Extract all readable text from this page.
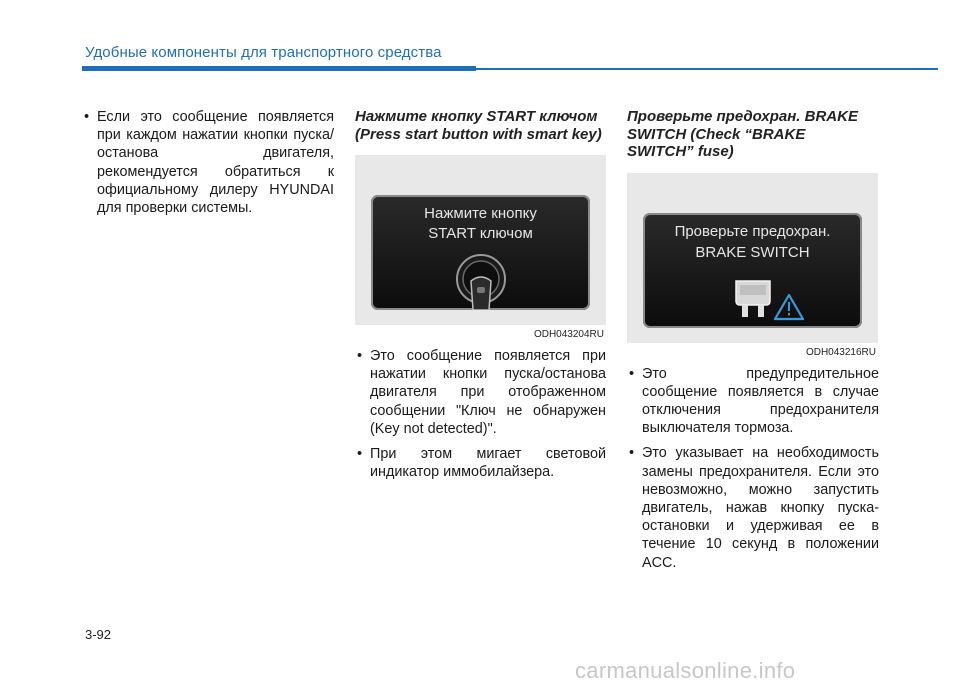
Удобные компоненты для транспортного средства
• Если это сообщение появляется при каждом нажатии кнопки пуска/останова двигателя, рекомендуется обратиться к официальному дилеру HYUNDAI для проверки системы.
Нажмите кнопку START ключом
(Press start button with smart key)
Нажмите кнопку
START ключом
ODH043204RU
• Это сообщение появляется при нажатии кнопки пуска/останова двигателя при отображенном сообщении "Ключ не обнаружен (Key not detected)".
• При этом мигает световой индикатор иммобилайзера.
Проверьте предохран. BRAKE
SWITCH (Check “BRAKE
SWITCH” fuse)
Проверьте предохран.
BRAKE SWITCH
ODH043216RU
• Это предупредительное сообщение появляется в случае отключения предохранителя выключателя тормоза.
• Это указывает на необходимость замены предохранителя. Если это невозможно, можно запустить двигатель, нажав кнопку пуска-остановки и удерживая ее в течение 10 секунд в положении ACC.
3-92
carmanualsonline.info
